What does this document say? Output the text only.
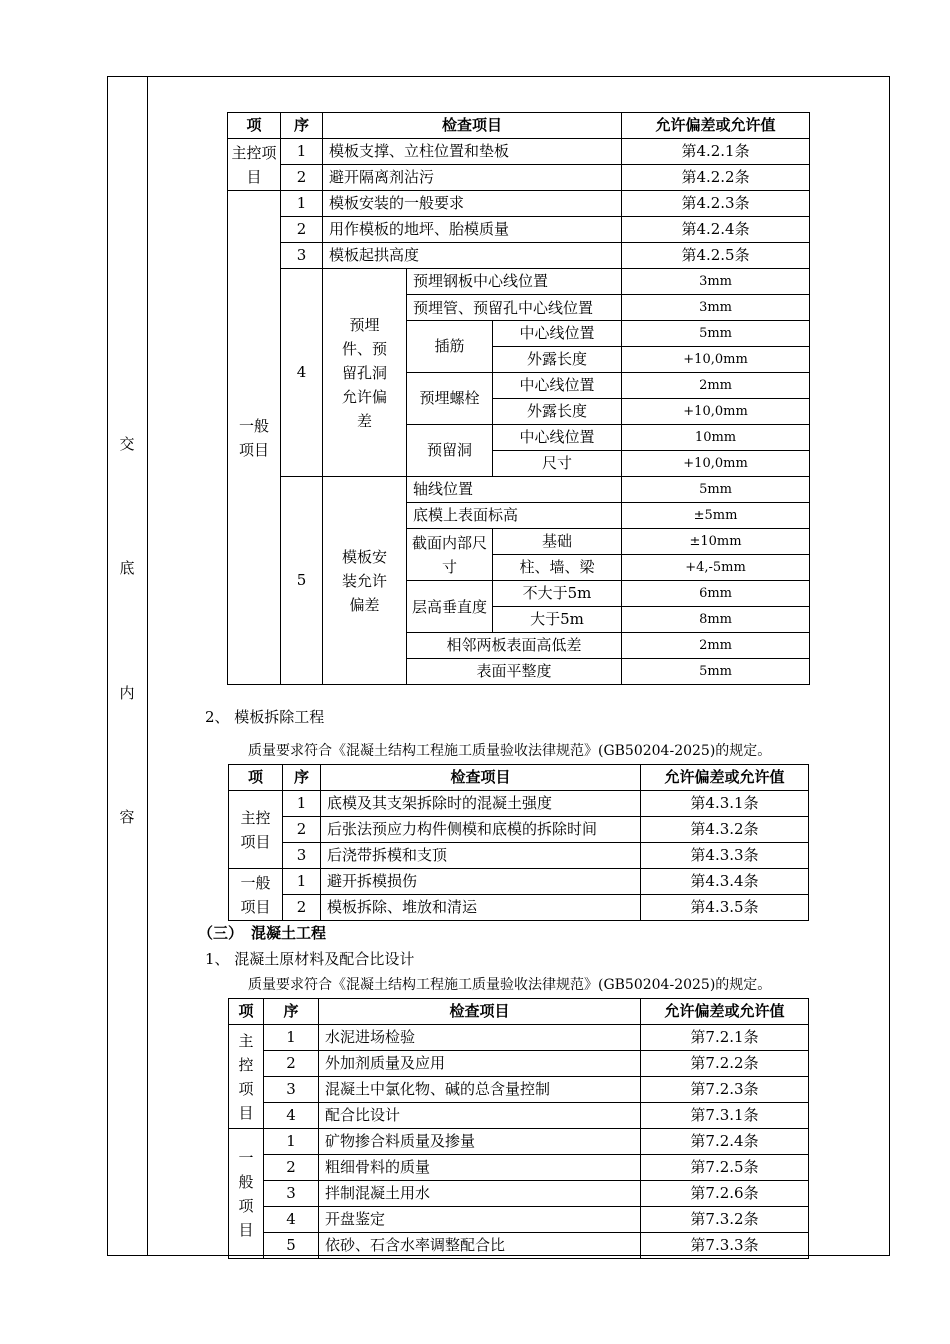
交
底
内
容
项	序	检查项目			允许偏差或允许值
主控项目	1	模板支撑、立柱位置和垫板			第4.2.1条
	2	避开隔离剂沾污			第4.2.2条
一般项目	1	模板安装的一般要求			第4.2.3条
	2	用作模板的地坪、胎模质量			第4.2.4条
	3	模板起拱高度			第4.2.5条
	4	预埋件、预留孔洞允许偏差	预埋钢板中心线位置		3mm
			预埋管、预留孔中心线位置		3mm

			插筋	中心线位置	5mm
				外露长度	+10,0mm
			预埋螺栓	中心线位置	2mm
				外露长度	+10,0mm
			预留洞	中心线位置	10mm
				尺寸	+10,0mm
	5	模板安装允许偏差	轴线位置		5mm
			底模上表面标高		±5mm
			截面内部尺寸	基础	±10mm
				柱、墙、梁	+4,-5mm
			层高垂直度	不大于5m	6mm
				大于5m	8mm
			相邻两板表面高低差		2mm
			表面平整度		5mm
2、 模板拆除工程
质量要求符合《混凝土结构工程施工质量验收法律规范》(GB50204-2025)的规定。
项	序	检查项目	允许偏差或允许值
主控项目	1	底模及其支架拆除时的混凝土强度	第4.3.1条
	2	后张法预应力构件侧模和底模的拆除时间	第4.3.2条
	3	后浇带拆模和支顶	第4.3.3条
一般项目	1	避开拆模损伤	第4.3.4条
	2	模板拆除、堆放和清运	第4.3.5条
（三） 混凝土工程
1、 混凝土原材料及配合比设计
质量要求符合《混凝土结构工程施工质量验收法律规范》(GB50204-2025)的规定。
项	序	检查项目	允许偏差或允许值
主控项目	1	水泥进场检验	第7.2.1条
	2	外加剂质量及应用	第7.2.2条
	3	混凝土中氯化物、碱的总含量控制	第7.2.3条
	4	配合比设计	第7.3.1条
一般项目	1	矿物掺合料质量及掺量	第7.2.4条
	2	粗细骨料的质量	第7.2.5条
	3	拌制混凝土用水	第7.2.6条
	4	开盘鉴定	第7.3.2条
	5	依砂、石含水率调整配合比	第7.3.3条
